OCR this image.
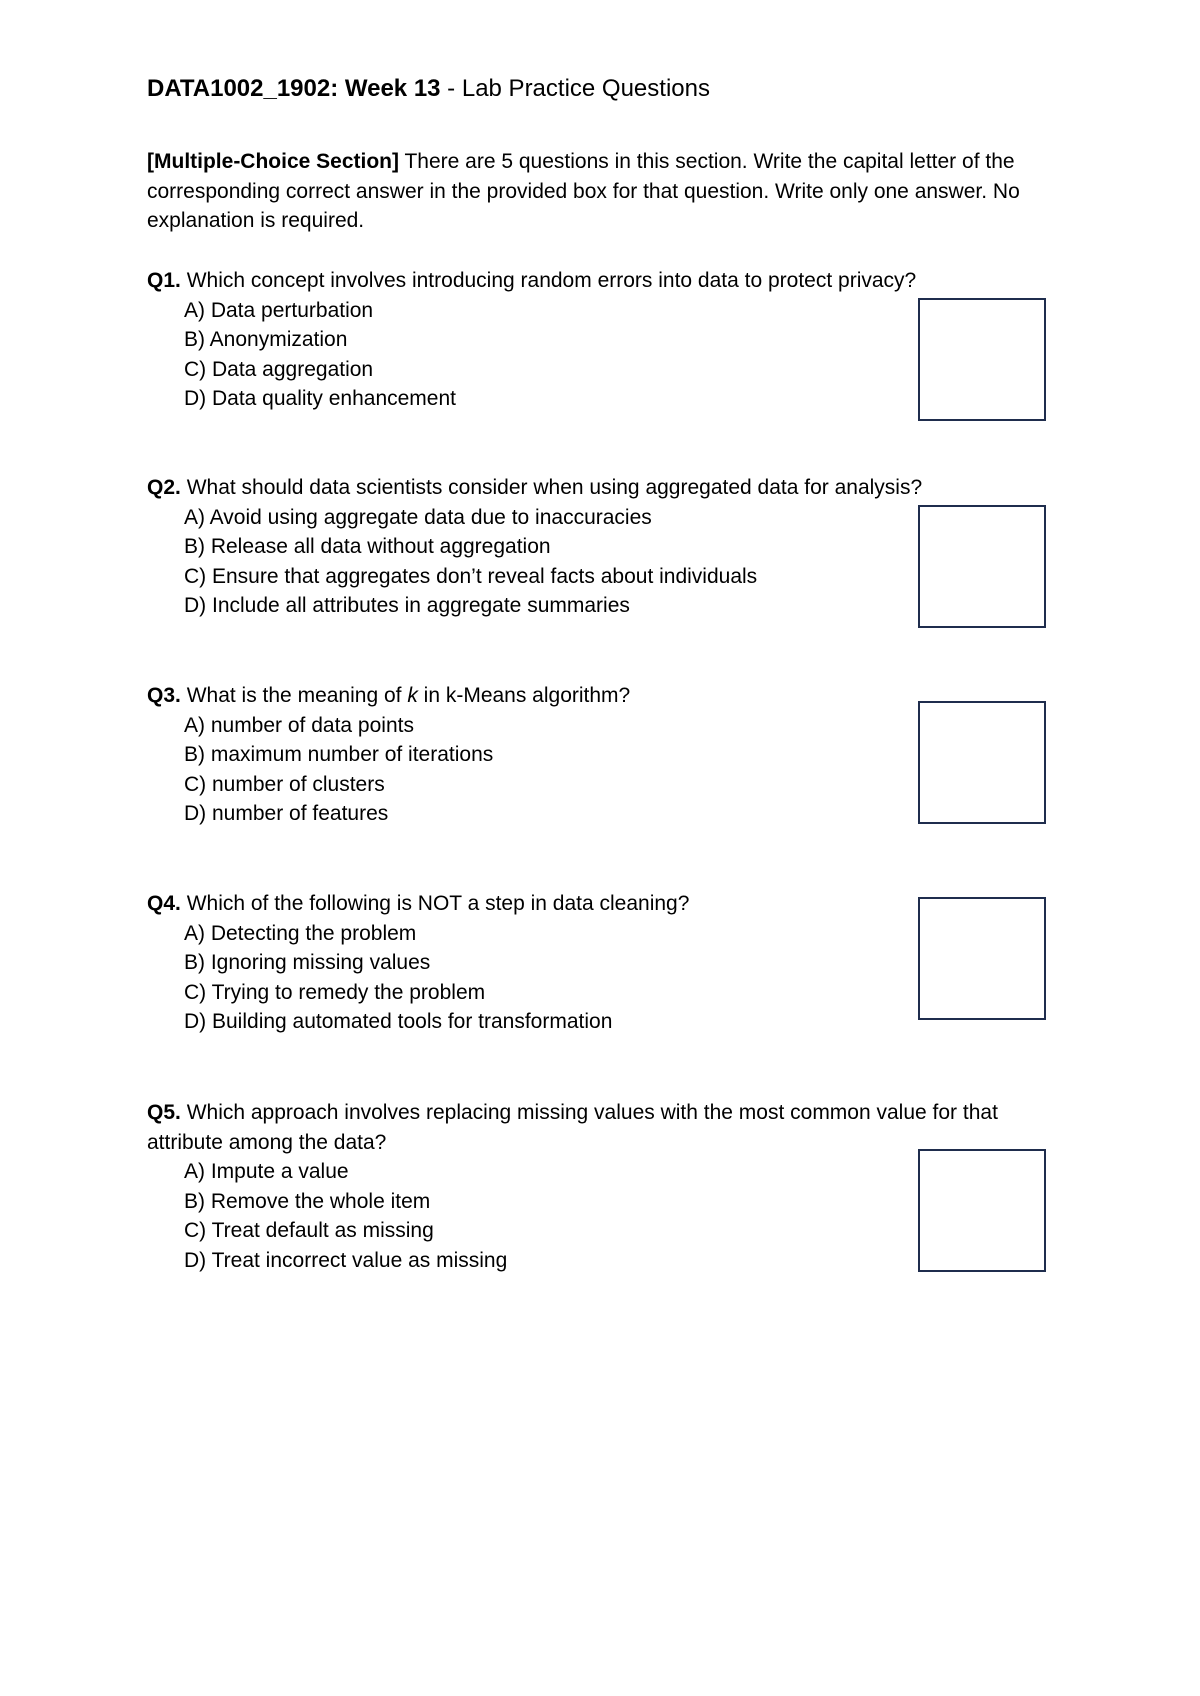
DATA1002_1902: Week 13 - Lab Practice Questions

[Multiple-Choice Section] There are 5 questions in this section. Write the capital letter of the corresponding correct answer in the provided box for that question. Write only one answer. No explanation is required.

Q1. Which concept involves introducing random errors into data to protect privacy?

A) Data perturbation
B) Anonymization
C) Data aggregation
D) Data quality enhancement

Q2. What should data scientists consider when using aggregated data for analysis?

A) Avoid using aggregate data due to inaccuracies
B) Release all data without aggregation
C) Ensure that aggregates don’t reveal facts about individuals
D) Include all attributes in aggregate summaries

Q3. What is the meaning of k in k-Means algorithm?

A) number of data points
B) maximum number of iterations
C) number of clusters
D) number of features

Q4. Which of the following is NOT a step in data cleaning?

A) Detecting the problem
B) Ignoring missing values
C) Trying to remedy the problem
D) Building automated tools for transformation

Q5. Which approach involves replacing missing values with the most common value for that attribute among the data?

A) Impute a value
B) Remove the whole item
C) Treat default as missing
D) Treat incorrect value as missing
